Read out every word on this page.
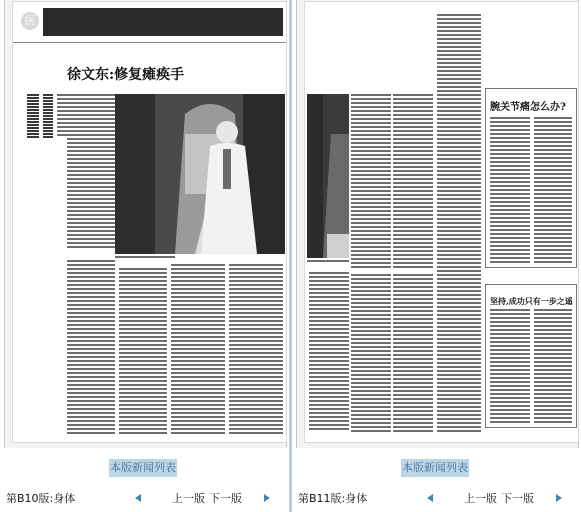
医
徐文东:修复瘫痪手
本版新闻列表
第B10版:身体	上一版 下一版
腕关节痛怎么办?
坚持,成功只有一步之遥
本版新闻列表
第B11版:身体	上一版 下一版
